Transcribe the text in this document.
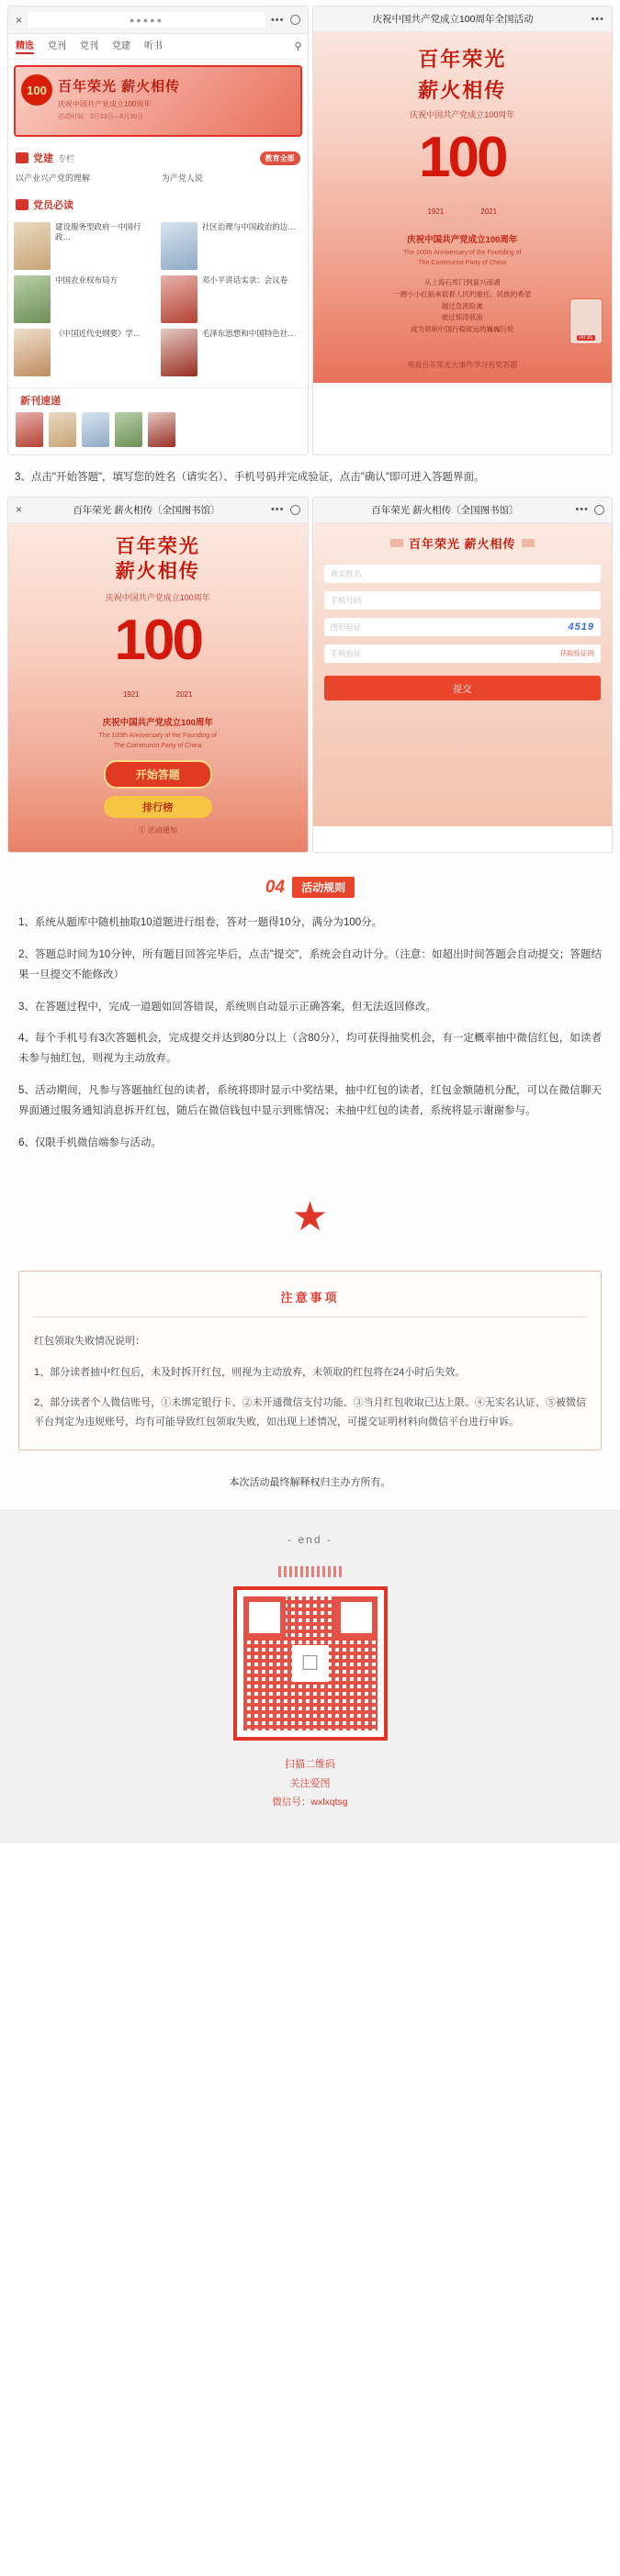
×	●●●●●	•••
精选 党刊 党刊 党建 听书	⚲
100 百年荣光 薪火相传
庆祝中国共产党成立100周年
活动时间：3月23日—6月30日
党建 专栏	教育全部
以产业兴产党的理解	为产党人说
党员必读
建设服务型政府－中国行政…
社区治理与中国政治的边…
中国农业权布局方	邓小平讲话实录：会议卷
《中国近代史纲要》学…	毛泽东思想和中国特色社…
新刊速递
庆祝中国共产党成立100周年全国活动	•••
百年荣光
薪火相传
庆祝中国共产党成立100周年
100
1921	2021
庆祝中国共产党成立100周年
The 100th Anniversary of the Founding of
The Communist Party of China
从上海石库门到嘉兴南湖
一艘小小红船承载着人民的重托、民族的希望
越过急流险滩
驶过惊涛骇浪
成为领航中国行稳致远的巍巍巨轮
00:31
观看百年荣光大事件学习有奖答题
3、点击"开始答题"，填写您的姓名（请实名）、手机号码并完成验证，点击"确认"即可进入答题界面。
×	百年荣光 薪火相传〔全国图书馆〕	•••
百年荣光
薪火相传
庆祝中国共产党成立100周年
100
1921	2021
庆祝中国共产党成立100周年
The 100th Anniversary of the Founding of
The Communist Party of China
开始答题
排行榜
① 活动通知
百年荣光 薪火相传〔全国图书馆〕	•••
百年荣光 薪火相传
真实姓名
手机号码
图形验证	4519
手机验证	获取验证码
提交
04	活动规则
1、系统从题库中随机抽取10道题进行组卷，答对一题得10分，满分为100分。
2、答题总时间为10分钟，所有题目回答完毕后，点击"提交"，系统会自动计分。（注意：如超出时间答题会自动提交；答题结果一旦提交不能修改）
3、在答题过程中，完成一道题如回答错误，系统则自动显示正确答案，但无法返回修改。
4、每个手机号有3次答题机会，完成提交并达到80分以上（含80分），均可获得抽奖机会，有一定概率抽中微信红包，如读者未参与抽红包，则视为主动放弃。
5、活动期间，凡参与答题抽红包的读者，系统将即时显示中奖结果，抽中红包的读者，红包金额随机分配，可以在微信聊天界面通过服务通知消息拆开红包，随后在微信钱包中显示到账情况；未抽中红包的读者，系统将显示谢谢参与。
6、仅限手机微信端参与活动。
★
注意事项

红包领取失败情况说明：

1、部分读者抽中红包后，未及时拆开红包，则视为主动放弃，未领取的红包将在24小时后失效。

2、部分读者个人微信账号，①未绑定银行卡、②未开通微信支付功能、③当月红包收取已达上限、④无实名认证、⑤被微信平台判定为违规账号，均有可能导致红包领取失败，如出现上述情况，可提交证明材料向微信平台进行申诉。

本次活动最终解释权归主办方所有。
- end -
☐
扫描二维码
关注爱图
微信号：wxlxqtsg
